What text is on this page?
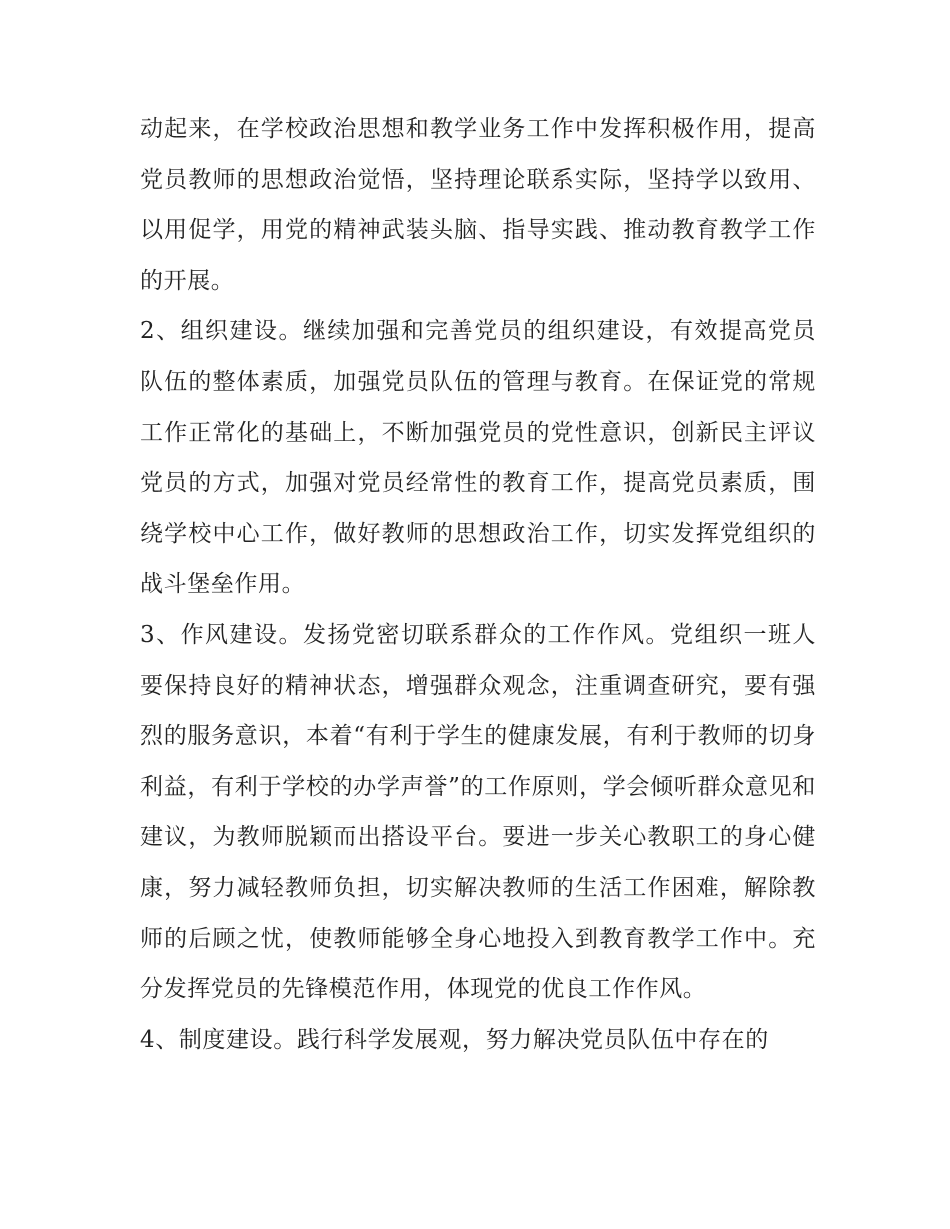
动起来，在学校政治思想和教学业务工作中发挥积极作用，提高党员教师的思想政治觉悟，坚持理论联系实际，坚持学以致用、以用促学，用党的精神武装头脑、指导实践、推动教育教学工作的开展。

2、组织建设。继续加强和完善党员的组织建设，有效提高党员队伍的整体素质，加强党员队伍的管理与教育。在保证党的常规工作正常化的基础上，不断加强党员的党性意识，创新民主评议党员的方式，加强对党员经常性的教育工作，提高党员素质，围绕学校中心工作，做好教师的思想政治工作，切实发挥党组织的战斗堡垒作用。

3、作风建设。发扬党密切联系群众的工作作风。党组织一班人要保持良好的精神状态，增强群众观念，注重调查研究，要有强烈的服务意识，本着“有利于学生的健康发展，有利于教师的切身利益，有利于学校的办学声誉”的工作原则，学会倾听群众意见和建议，为教师脱颖而出搭设平台。要进一步关心教职工的身心健康，努力减轻教师负担，切实解决教师的生活工作困难，解除教师的后顾之忧，使教师能够全身心地投入到教育教学工作中。充分发挥党员的先锋模范作用，体现党的优良工作作风。

4、制度建设。践行科学发展观，努力解决党员队伍中存在的
